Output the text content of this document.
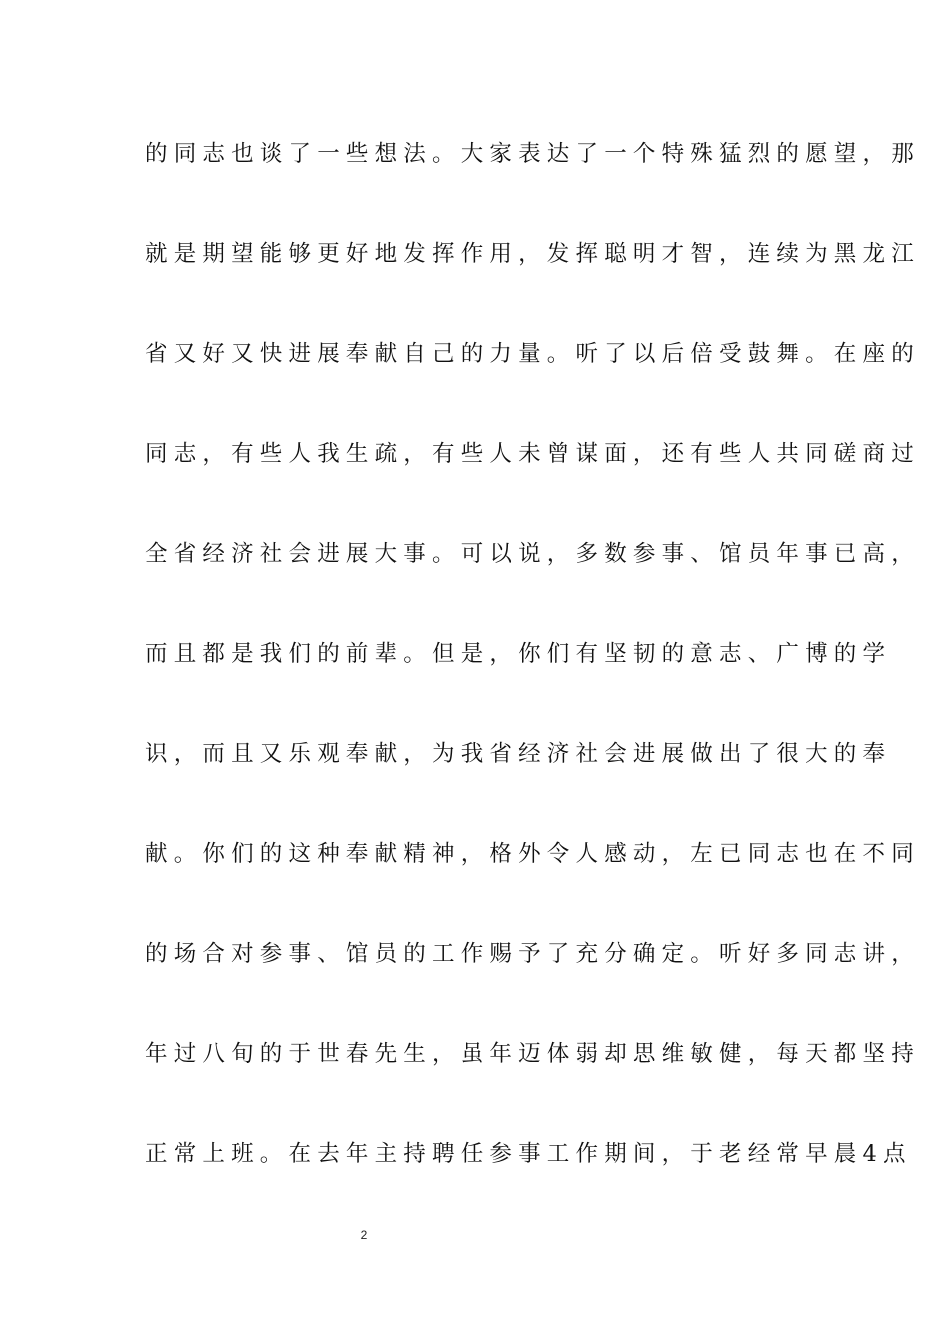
的同志也谈了一些想法。大家表达了一个特殊猛烈的愿望，那
就是期望能够更好地发挥作用，发挥聪明才智，连续为黑龙江
省又好又快进展奉献自己的力量。听了以后倍受鼓舞。在座的
同志，有些人我生疏，有些人未曾谋面，还有些人共同磋商过
全省经济社会进展大事。可以说，多数参事、馆员年事已高，
而且都是我们的前辈。但是，你们有坚韧的意志、广博的学
识，而且又乐观奉献，为我省经济社会进展做出了很大的奉
献。你们的这种奉献精神，格外令人感动，左已同志也在不同
的场合对参事、馆员的工作赐予了充分确定。听好多同志讲，
年过八旬的于世春先生，虽年迈体弱却思维敏健，每天都坚持
正常上班。在去年主持聘任参事工作期间，于老经常早晨4点
2
